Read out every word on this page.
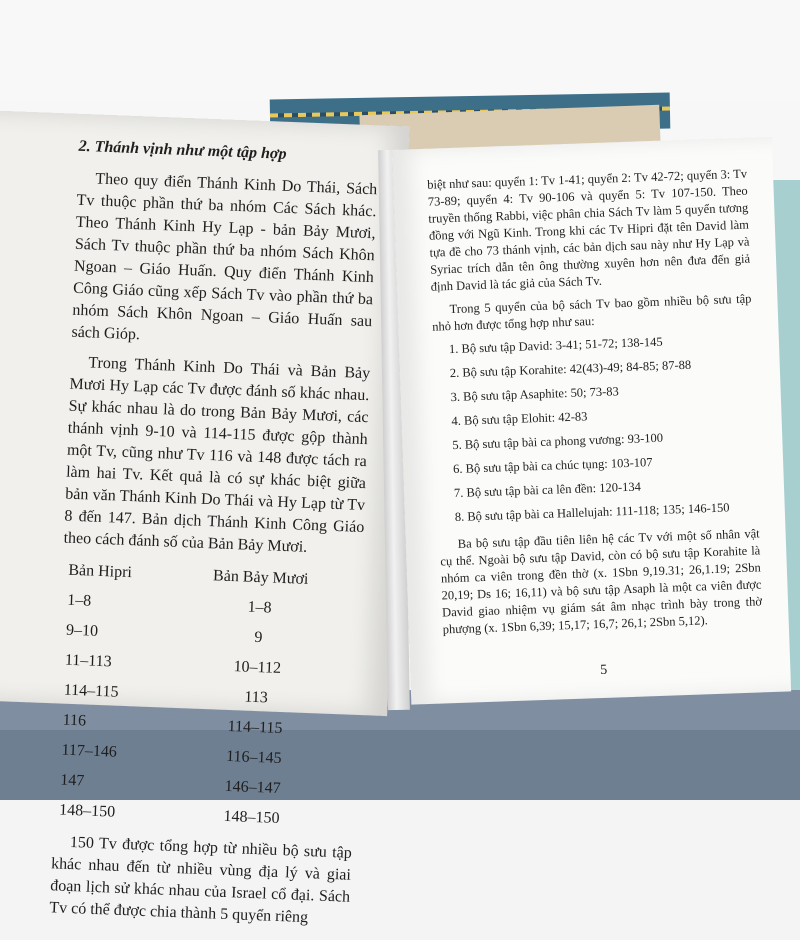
2. Thánh vịnh như một tập hợp

Theo quy điển Thánh Kinh Do Thái, Sách Tv thuộc phần thứ ba nhóm Các Sách khác. Theo Thánh Kinh Hy Lạp - bản Bảy Mươi, Sách Tv thuộc phần thứ ba nhóm Sách Khôn Ngoan – Giáo Huấn. Quy điển Thánh Kinh Công Giáo cũng xếp Sách Tv vào phần thứ ba nhóm Sách Khôn Ngoan – Giáo Huấn sau sách Gióp.

Trong Thánh Kinh Do Thái và Bản Bảy Mươi Hy Lạp các Tv được đánh số khác nhau. Sự khác nhau là do trong Bản Bảy Mươi, các thánh vịnh 9-10 và 114-115 được gộp thành một Tv, cũng như Tv 116 và 148 được tách ra làm hai Tv. Kết quả là có sự khác biệt giữa bản văn Thánh Kinh Do Thái và Hy Lạp từ Tv 8 đến 147. Bản dịch Thánh Kinh Công Giáo theo cách đánh số của Bản Bảy Mươi.

Bản Hipri	Bản Bảy Mươi
1–8	1–8
9–10	9
11–113	10–112
114–115	113
116	114–115
117–146	116–145
147	146–147
148–150	148–150

150 Tv được tổng hợp từ nhiều bộ sưu tập khác nhau đến từ nhiều vùng địa lý và giai đoạn lịch sử khác nhau của Israel cổ đại. Sách Tv có thể được chia thành 5 quyển riêng

biệt như sau: quyển 1: Tv 1-41; quyển 2: Tv 42-72; quyển 3: Tv 73-89; quyển 4: Tv 90-106 và quyển 5: Tv 107-150. Theo truyền thống Rabbi, việc phân chia Sách Tv làm 5 quyển tương đồng với Ngũ Kinh. Trong khi các Tv Hipri đặt tên David làm tựa đề cho 73 thánh vịnh, các bản dịch sau này như Hy Lạp và Syriac trích dẫn tên ông thường xuyên hơn nên đưa đến giả định David là tác giả của Sách Tv.

Trong 5 quyển của bộ sách Tv bao gồm nhiều bộ sưu tập nhỏ hơn được tổng hợp như sau:

1. Bộ sưu tập David: 3-41; 51-72; 138-145
2. Bộ sưu tập Korahite: 42(43)-49; 84-85; 87-88
3. Bộ sưu tập Asaphite: 50; 73-83
4. Bộ sưu tập Elohit: 42-83
5. Bộ sưu tập bài ca phong vương: 93-100
6. Bộ sưu tập bài ca chúc tụng: 103-107
7. Bộ sưu tập bài ca lên đền: 120-134
8. Bộ sưu tập bài ca Hallelujah: 111-118; 135; 146-150

Ba bộ sưu tập đầu tiên liên hệ các Tv với một số nhân vật cụ thể. Ngoài bộ sưu tập David, còn có bộ sưu tập Korahite là nhóm ca viên trong đền thờ (x. 1Sbn 9,19.31; 26,1.19; 2Sbn 20,19; Ds 16; 16,11) và bộ sưu tập Asaph là một ca viên được David giao nhiệm vụ giám sát âm nhạc trình bày trong thờ phượng (x. 1Sbn 6,39; 15,17; 16,7; 26,1; 2Sbn 5,12).

5
